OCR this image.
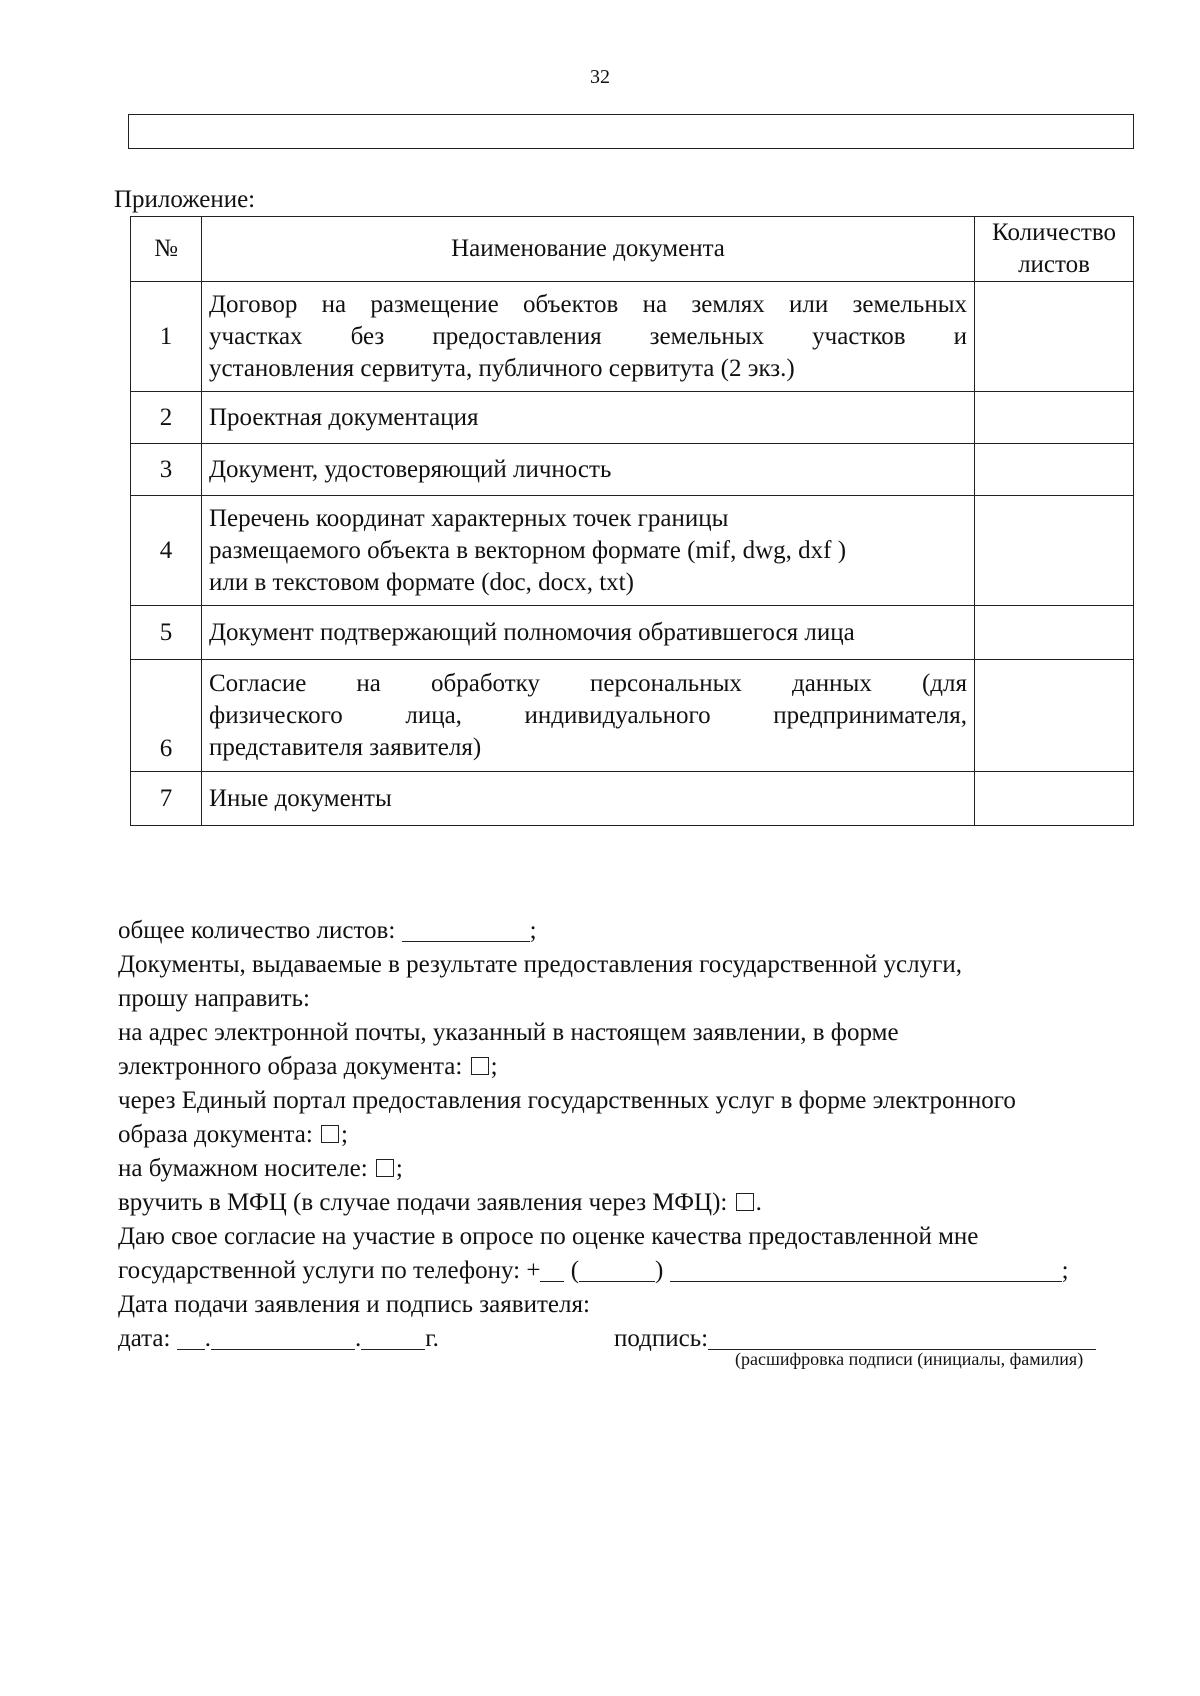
32
Приложение:
№	Наименование документа	Количество
листов

1	Договор на размещение объектов на землях или земельных
участках без предоставления земельных участков и
установления сервитута, публичного сервитута (2 экз.)	

2	Проектная документация	

3	Документ, удостоверяющий личность	

4	Перечень координат характерных точек границы
размещаемого объекта в векторном формате (mif, dwg, dxf )
или в текстовом формате (doc, docx, txt)	

5	Документ подтвержающий полномочия обратившегося лица	

6	Согласие на обработку персональных данных (для
физического лица, индивидуального предпринимателя,
представителя заявителя)	

7	Иные документы	

общее количество листов:	;
Документы, выдаваемые в результате предоставления государственной услуги,
прошу направить:
на адрес электронной почты, указанный в настоящем заявлении, в форме
электронного образа документа: ;
через Единый портал предоставления государственных услуг в форме электронного
образа документа: ;
на бумажном носителе: ;
вручить в МФЦ (в случае подачи заявления через МФЦ): .
Даю свое согласие на участие в опросе по оценке качества предоставленной мне
государственной услуги по телефону: + (	)	;
Дата подачи заявления и подпись заявителя:
дата: .	.	г.	подпись:
(расшифровка подписи (инициалы, фамилия)
